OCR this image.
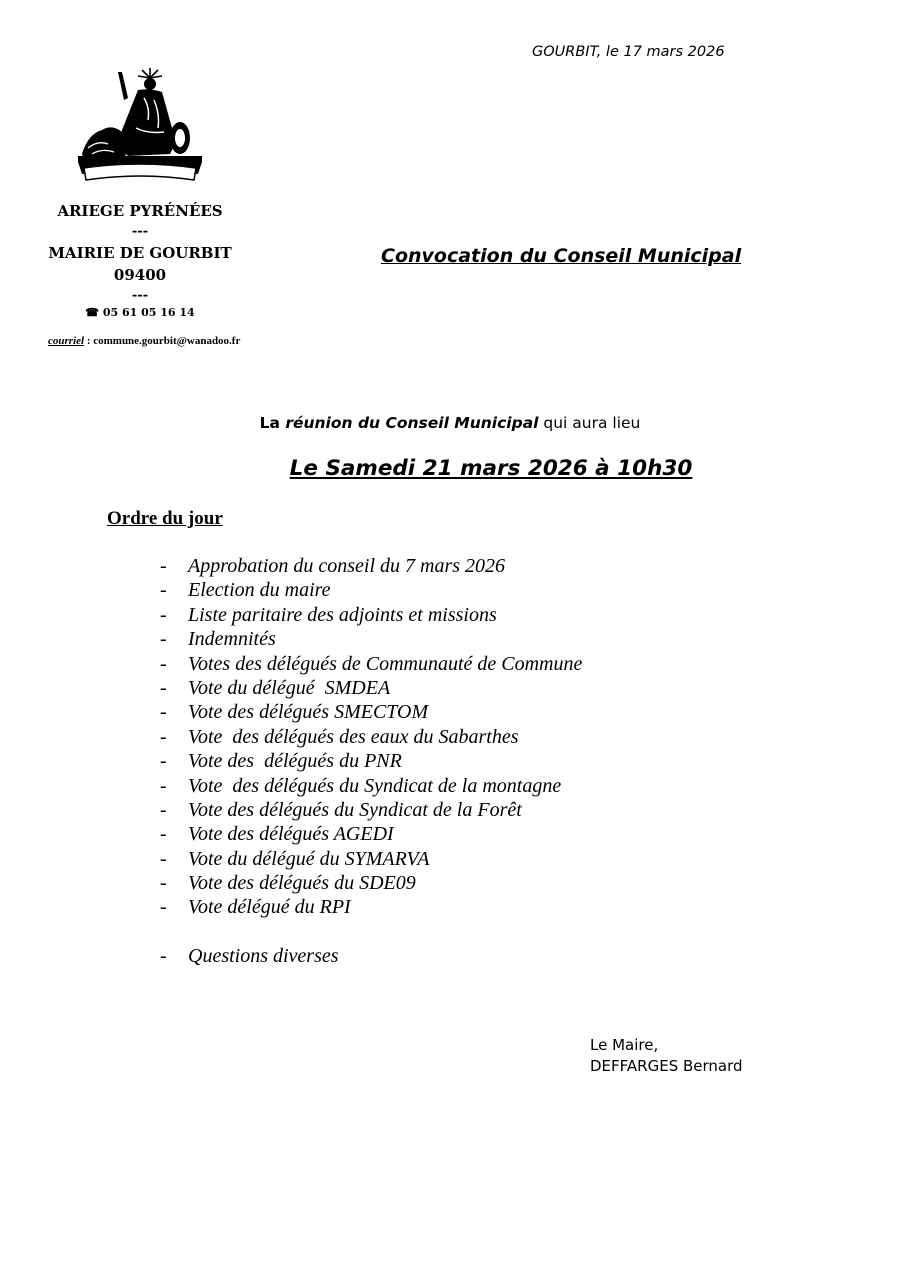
GOURBIT, le 17 mars 2026
ARIEGE PYRÉNÉES
---
MAIRIE DE GOURBIT
09400
---
☎ 05 61 05 16 14
courriel : commune.gourbit@wanadoo.fr
Convocation du Conseil Municipal
La réunion du Conseil Municipal qui aura lieu
Le Samedi 21 mars 2026 à 10h30
Ordre du jour
-	Approbation du conseil du 7 mars 2026
-	Election du maire
-	Liste paritaire des adjoints et missions
-	Indemnités
-	Votes des délégués de Communauté de Commune
-	Vote du délégué  SMDEA
-	Vote des délégués SMECTOM
-	Vote  des délégués des eaux du Sabarthes
-	Vote des  délégués du PNR
-	Vote  des délégués du Syndicat de la montagne
-	Vote des délégués du Syndicat de la Forêt
-	Vote des délégués AGEDI
-	Vote du délégué du SYMARVA
-	Vote des délégués du SDE09
-	Vote délégué du RPI
-	Questions diverses
Le Maire,
DEFFARGES Bernard
